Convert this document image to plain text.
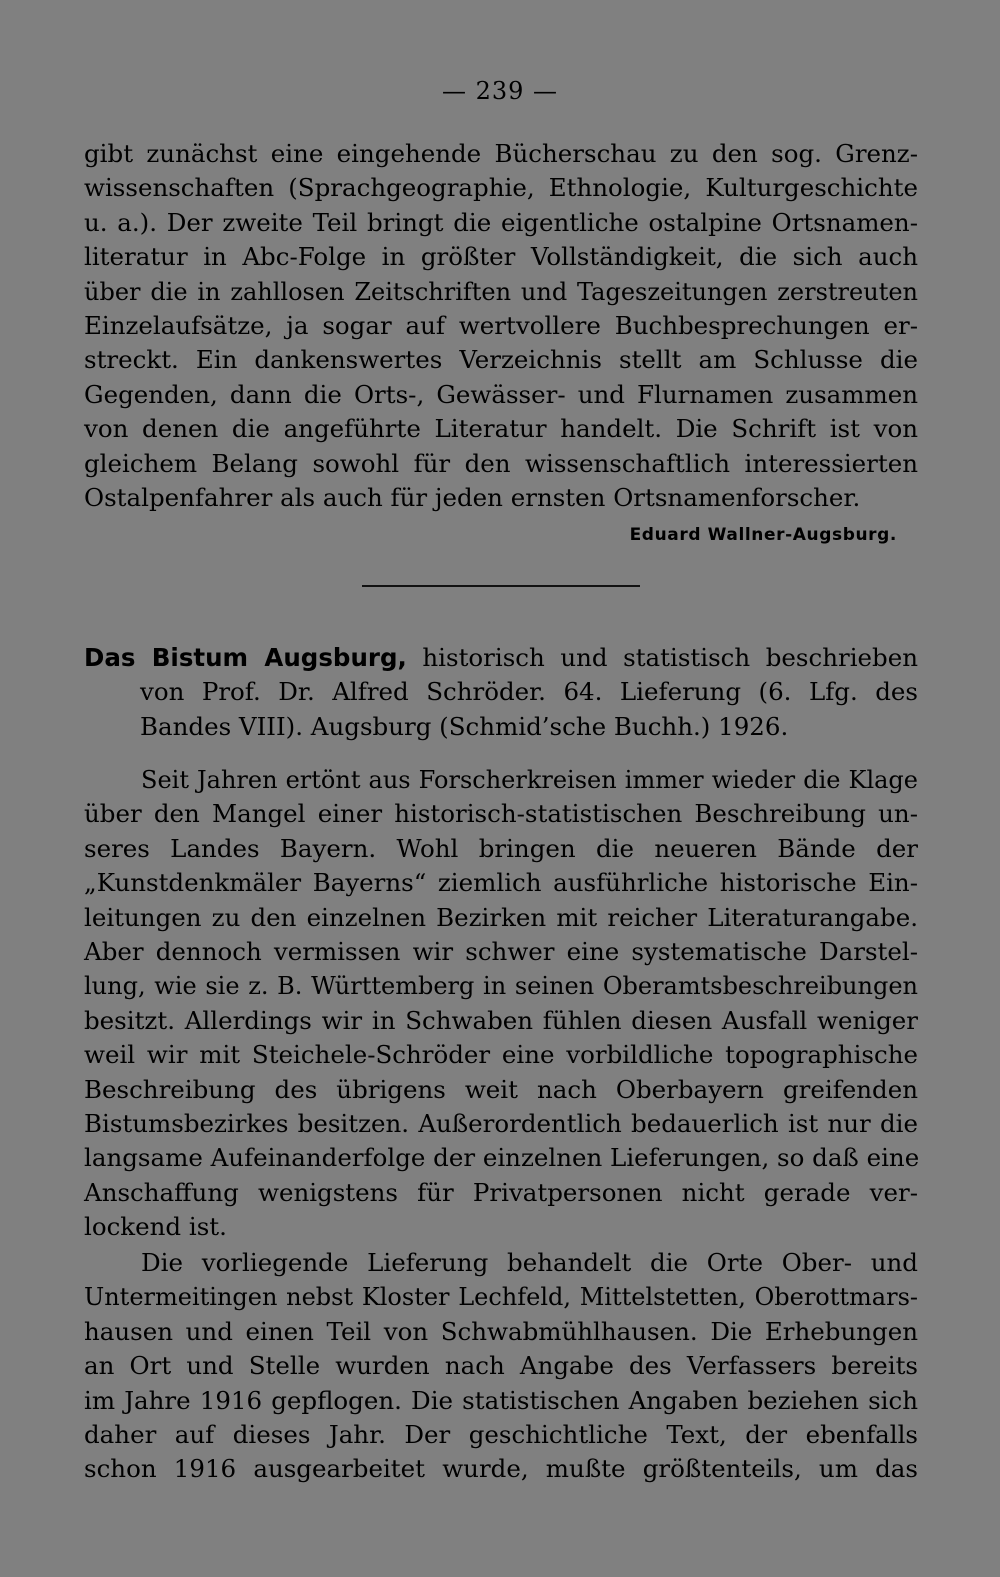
— 239 —
gibt zunächst eine eingehende Bücherschau zu den sog. Grenz-
wissenschaften (Sprachgeographie, Ethnologie, Kulturgeschichte
u. a.). Der zweite Teil bringt die eigentliche ostalpine Ortsnamen-
literatur in Abc-Folge in größter Vollständigkeit, die sich auch
über die in zahllosen Zeitschriften und Tageszeitungen zerstreuten
Einzelaufsätze, ja sogar auf wertvollere Buchbesprechungen er-
streckt. Ein dankenswertes Verzeichnis stellt am Schlusse die
Gegenden, dann die Orts-, Gewässer- und Flurnamen zusammen
von denen die angeführte Literatur handelt. Die Schrift ist von
gleichem Belang sowohl für den wissenschaftlich interessierten
Ostalpenfahrer als auch für jeden ernsten Ortsnamenforscher.
Eduard Wallner-Augsburg.
Das Bistum Augsburg, historisch und statistisch beschrieben
von Prof. Dr. Alfred Schröder. 64. Lieferung (6. Lfg. des
Bandes VIII). Augsburg (Schmid’sche Buchh.) 1926.
Seit Jahren ertönt aus Forscherkreisen immer wieder die Klage
über den Mangel einer historisch-statistischen Beschreibung un-
seres Landes Bayern. Wohl bringen die neueren Bände der
„Kunstdenkmäler Bayerns“ ziemlich ausführliche historische Ein-
leitungen zu den einzelnen Bezirken mit reicher Literaturangabe.
Aber dennoch vermissen wir schwer eine systematische Darstel-
lung, wie sie z. B. Württemberg in seinen Oberamtsbeschreibungen
besitzt. Allerdings wir in Schwaben fühlen diesen Ausfall weniger
weil wir mit Steichele-Schröder eine vorbildliche topographische
Beschreibung des übrigens weit nach Oberbayern greifenden
Bistumsbezirkes besitzen. Außerordentlich bedauerlich ist nur die
langsame Aufeinanderfolge der einzelnen Lieferungen, so daß eine
Anschaffung wenigstens für Privatpersonen nicht gerade ver-
lockend ist.
Die vorliegende Lieferung behandelt die Orte Ober- und
Untermeitingen nebst Kloster Lechfeld, Mittelstetten, Oberottmars-
hausen und einen Teil von Schwabmühlhausen. Die Erhebungen
an Ort und Stelle wurden nach Angabe des Verfassers bereits
im Jahre 1916 gepflogen. Die statistischen Angaben beziehen sich
daher auf dieses Jahr. Der geschichtliche Text, der ebenfalls
schon 1916 ausgearbeitet wurde, mußte größtenteils, um das
